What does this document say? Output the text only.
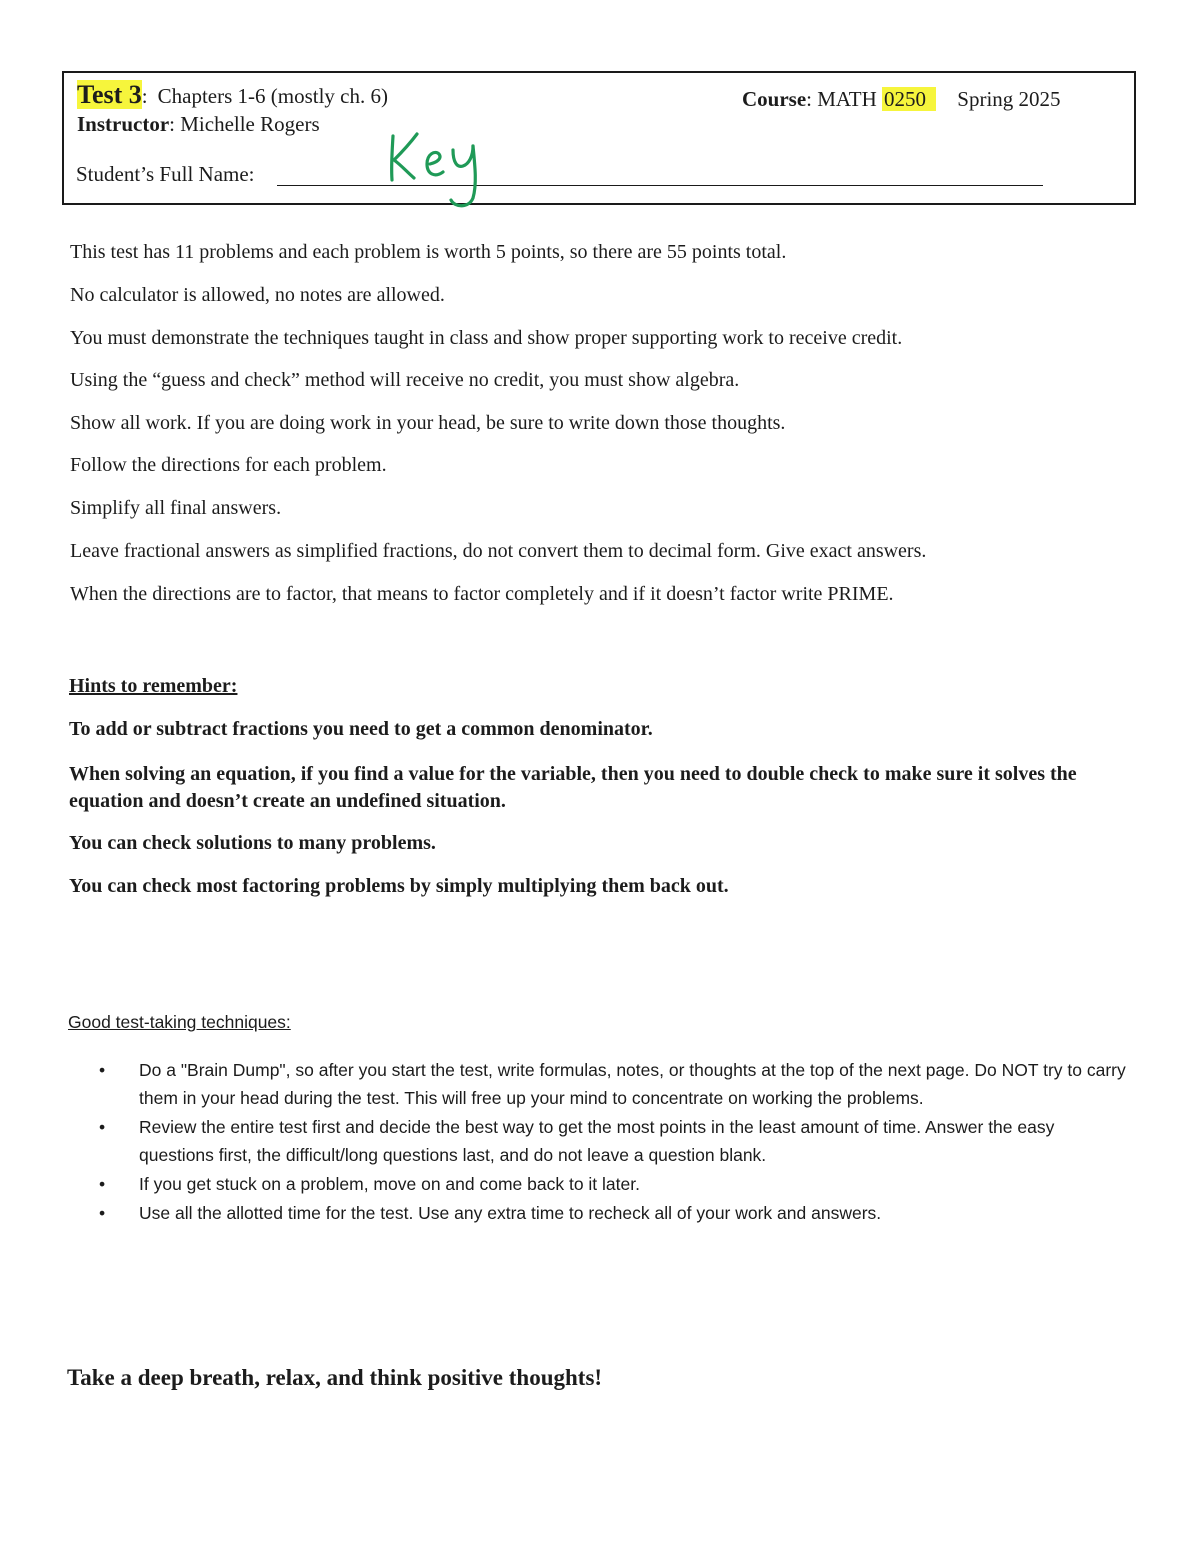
Test 3: Chapters 1-6 (mostly ch. 6)
Instructor: Michelle Rogers
Course: MATH 0250 Spring 2025
Student’s Full Name:
This test has 11 problems and each problem is worth 5 points, so there are 55 points total.
No calculator is allowed, no notes are allowed.
You must demonstrate the techniques taught in class and show proper supporting work to receive credit.
Using the “guess and check” method will receive no credit, you must show algebra.
Show all work. If you are doing work in your head, be sure to write down those thoughts.
Follow the directions for each problem.
Simplify all final answers.
Leave fractional answers as simplified fractions, do not convert them to decimal form. Give exact answers.
When the directions are to factor, that means to factor completely and if it doesn’t factor write PRIME.
Hints to remember:
To add or subtract fractions you need to get a common denominator.
When solving an equation, if you find a value for the variable, then you need to double check to make sure it solves the equation and doesn’t create an undefined situation.
You can check solutions to many problems.
You can check most factoring problems by simply multiplying them back out.
Good test-taking techniques:
• Do a "Brain Dump", so after you start the test, write formulas, notes, or thoughts at the top of the next page. Do NOT try to carry them in your head during the test. This will free up your mind to concentrate on working the problems.
• Review the entire test first and decide the best way to get the most points in the least amount of time. Answer the easy questions first, the difficult/long questions last, and do not leave a question blank.
• If you get stuck on a problem, move on and come back to it later.
• Use all the allotted time for the test. Use any extra time to recheck all of your work and answers.
Take a deep breath, relax, and think positive thoughts!
